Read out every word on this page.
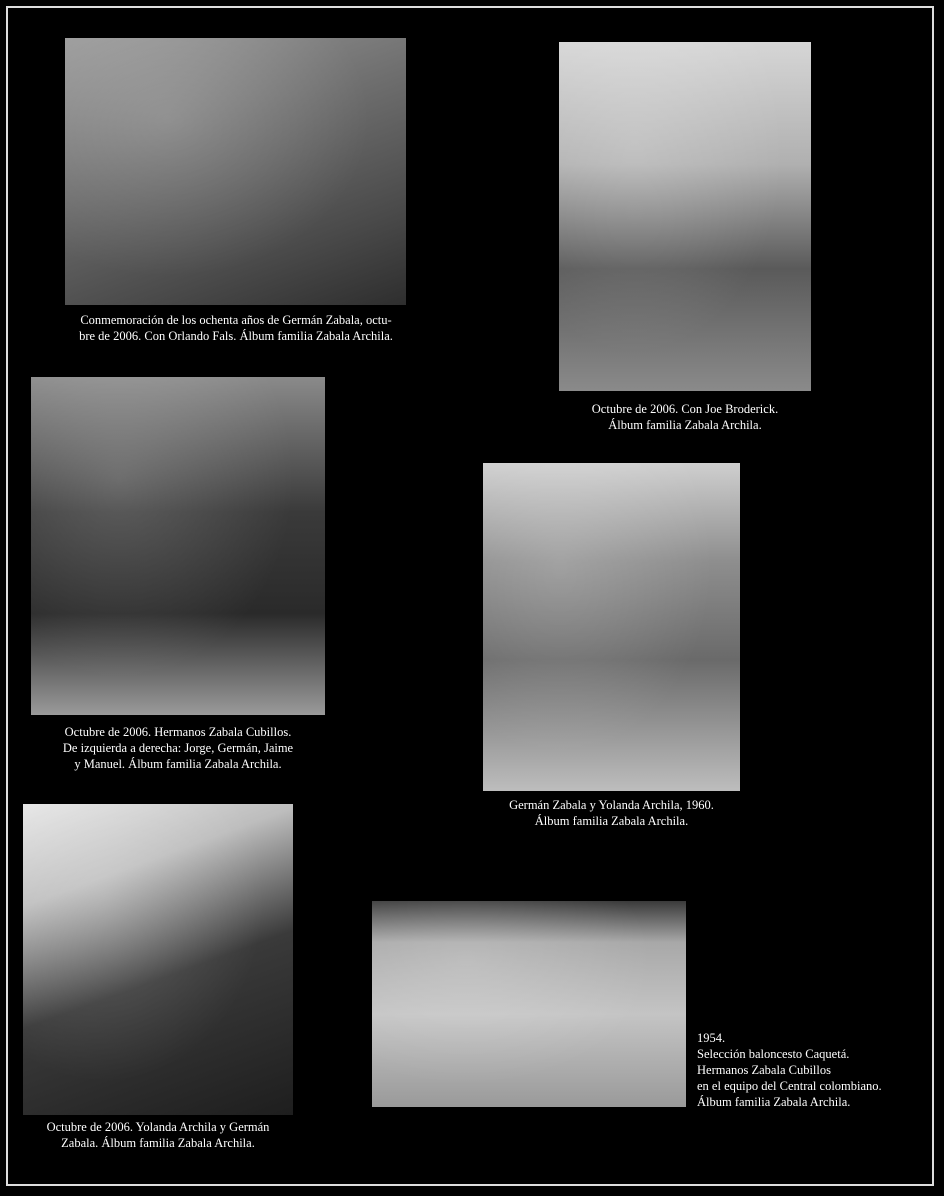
Conmemoración de los ochenta años de Germán Zabala, octu-
bre de 2006. Con Orlando Fals. Álbum familia Zabala Archila.
Octubre de 2006. Con Joe Broderick.
Álbum familia Zabala Archila.
Octubre de 2006. Hermanos Zabala Cubillos.
De izquierda a derecha: Jorge, Germán, Jaime
y Manuel. Álbum familia Zabala Archila.
Germán Zabala y Yolanda Archila, 1960.
Álbum familia Zabala Archila.
Octubre de 2006. Yolanda Archila y Germán
Zabala. Álbum familia Zabala Archila.
1954.
Selección baloncesto Caquetá.
Hermanos Zabala Cubillos
en el equipo del Central colombiano.
Álbum familia Zabala Archila.
